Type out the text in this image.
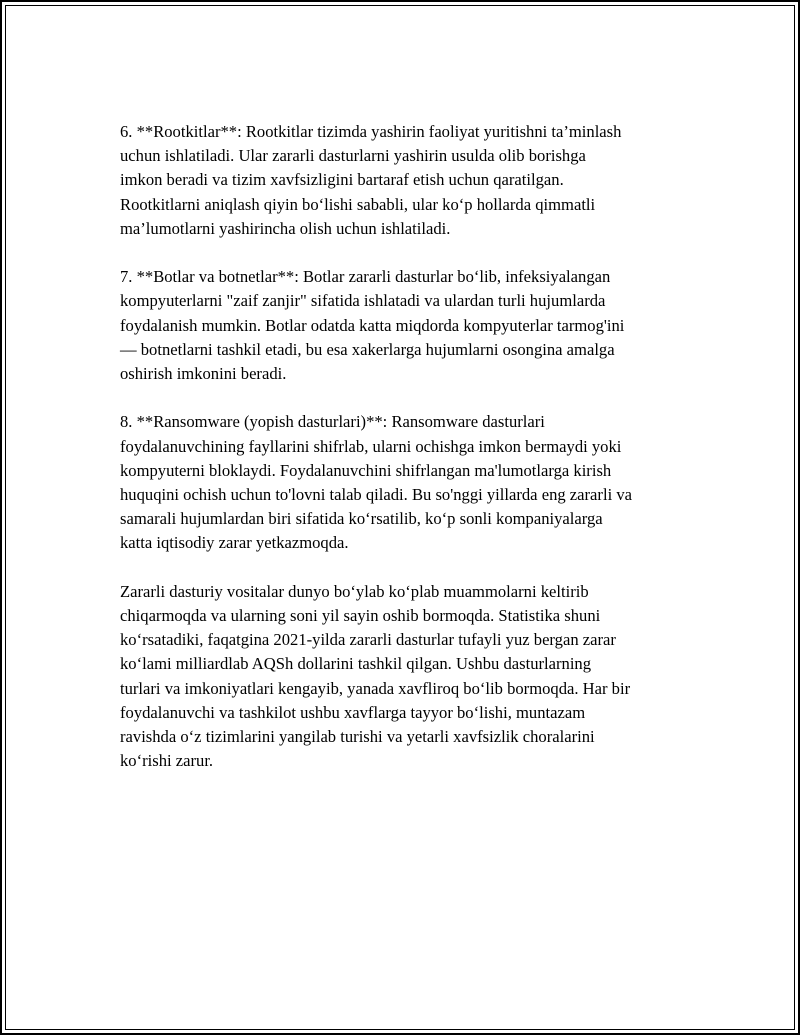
6. **Rootkitlar**: Rootkitlar tizimda yashirin faoliyat yuritishni ta’minlash
uchun ishlatiladi. Ular zararli dasturlarni yashirin usulda olib borishga
imkon beradi va tizim xavfsizligini bartaraf etish uchun qaratilgan.
Rootkitlarni aniqlash qiyin boʻlishi sababli, ular koʻp hollarda qimmatli
ma’lumotlarni yashirincha olish uchun ishlatiladi.

7. **Botlar va botnetlar**: Botlar zararli dasturlar boʻlib, infeksiyalangan
kompyuterlarni "zaif zanjir" sifatida ishlatadi va ulardan turli hujumlarda
foydalanish mumkin. Botlar odatda katta miqdorda kompyuterlar tarmog'ini
— botnetlarni tashkil etadi, bu esa xakerlarga hujumlarni osongina amalga
oshirish imkonini beradi.

8. **Ransomware (yopish dasturlari)**: Ransomware dasturlari
foydalanuvchining fayllarini shifrlab, ularni ochishga imkon bermaydi yoki
kompyuterni bloklaydi. Foydalanuvchini shifrlangan ma'lumotlarga kirish
huquqini ochish uchun to'lovni talab qiladi. Bu so'nggi yillarda eng zararli va
samarali hujumlardan biri sifatida koʻrsatilib, koʻp sonli kompaniyalarga
katta iqtisodiy zarar yetkazmoqda.

Zararli dasturiy vositalar dunyo boʻylab koʻplab muammolarni keltirib
chiqarmoqda va ularning soni yil sayin oshib bormoqda. Statistika shuni
koʻrsatadiki, faqatgina 2021-yilda zararli dasturlar tufayli yuz bergan zarar
koʻlami milliardlab AQSh dollarini tashkil qilgan. Ushbu dasturlarning
turlari va imkoniyatlari kengayib, yanada xavfliroq boʻlib bormoqda. Har bir
foydalanuvchi va tashkilot ushbu xavflarga tayyor boʻlishi, muntazam
ravishda oʻz tizimlarini yangilab turishi va yetarli xavfsizlik choralarini
koʻrishi zarur.
